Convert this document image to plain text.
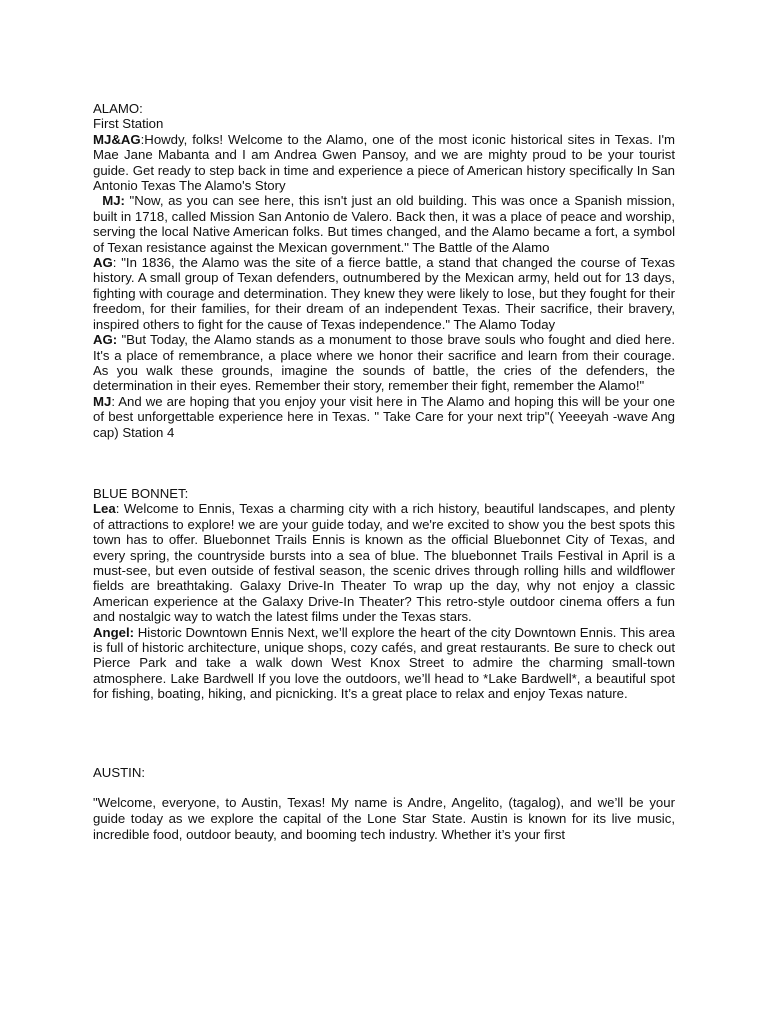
ALAMO:
First Station

MJ&AG:Howdy, folks! Welcome to the Alamo, one of the most iconic historical sites in Texas. I'm Mae Jane Mabanta and I am Andrea Gwen Pansoy, and we are mighty proud to be your tourist guide. Get ready to step back in time and experience a piece of American history specifically In San Antonio Texas The Alamo's Story

MJ: "Now, as you can see here, this isn't just an old building. This was once a Spanish mission, built in 1718, called Mission San Antonio de Valero. Back then, it was a place of peace and worship, serving the local Native American folks. But times changed, and the Alamo became a fort, a symbol of Texan resistance against the Mexican government." The Battle of the Alamo

AG: "In 1836, the Alamo was the site of a fierce battle, a stand that changed the course of Texas history. A small group of Texan defenders, outnumbered by the Mexican army, held out for 13 days, fighting with courage and determination. They knew they were likely to lose, but they fought for their freedom, for their families, for their dream of an independent Texas. Their sacrifice, their bravery, inspired others to fight for the cause of Texas independence." The Alamo Today

AG: "But Today, the Alamo stands as a monument to those brave souls who fought and died here. It's a place of remembrance, a place where we honor their sacrifice and learn from their courage. As you walk these grounds, imagine the sounds of battle, the cries of the defenders, the determination in their eyes. Remember their story, remember their fight, remember the Alamo!"

MJ: And we are hoping that you enjoy your visit here in The Alamo and hoping this will be your one of best unforgettable experience here in Texas. " Take Care for your next trip"( Yeeeyah -wave Ang cap) Station 4

BLUE BONNET:

Lea: Welcome to Ennis, Texas a charming city with a rich history, beautiful landscapes, and plenty of attractions to explore! we are your guide today, and we're excited to show you the best spots this town has to offer. Bluebonnet Trails Ennis is known as the official Bluebonnet City of Texas, and every spring, the countryside bursts into a sea of blue. The bluebonnet Trails Festival in April is a must-see, but even outside of festival season, the scenic drives through rolling hills and wildflower fields are breathtaking. Galaxy Drive-In Theater To wrap up the day, why not enjoy a classic American experience at the Galaxy Drive-In Theater? This retro-style outdoor cinema offers a fun and nostalgic way to watch the latest films under the Texas stars.

Angel: Historic Downtown Ennis Next, we’ll explore the heart of the city Downtown Ennis. This area is full of historic architecture, unique shops, cozy cafés, and great restaurants. Be sure to check out Pierce Park and take a walk down West Knox Street to admire the charming small-town atmosphere. Lake Bardwell If you love the outdoors, we’ll head to *Lake Bardwell*, a beautiful spot for fishing, boating, hiking, and picnicking. It’s a great place to relax and enjoy Texas nature.

AUSTIN:

"Welcome, everyone, to Austin, Texas! My name is Andre, Angelito, (tagalog), and we’ll be your guide today as we explore the capital of the Lone Star State. Austin is known for its live music, incredible food, outdoor beauty, and booming tech industry. Whether it’s your first
